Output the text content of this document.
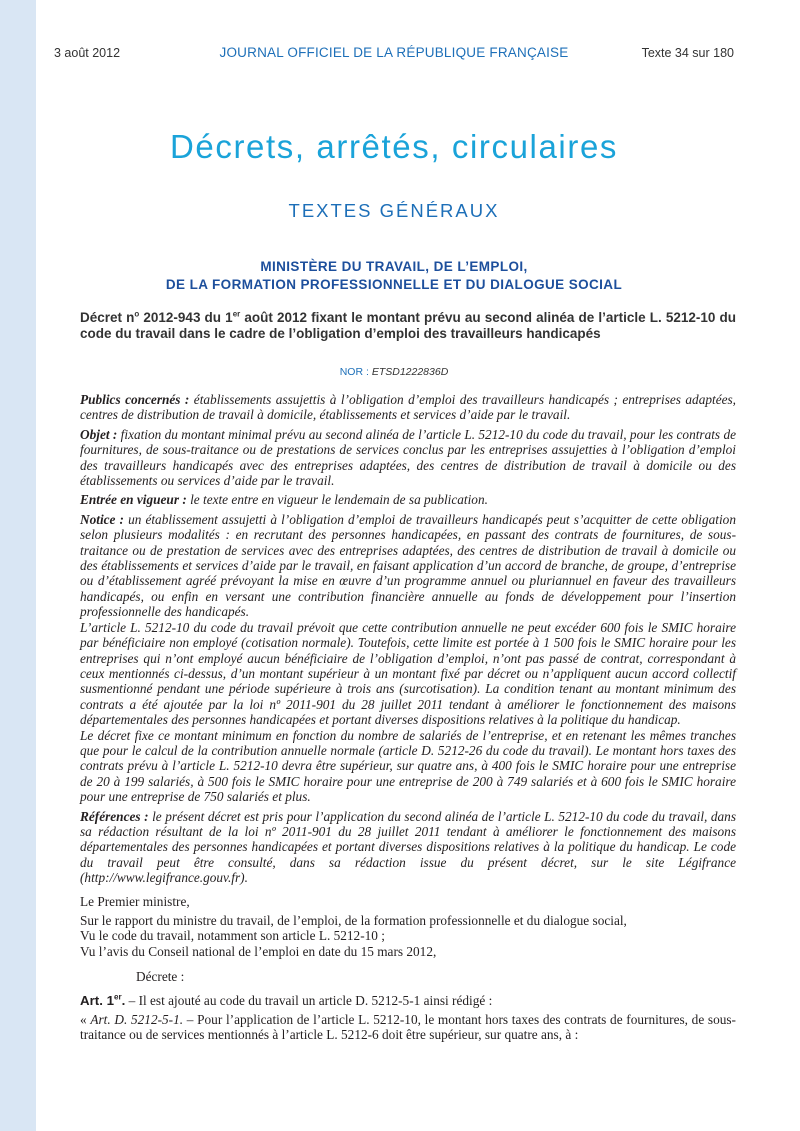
3 août 2012	JOURNAL OFFICIEL DE LA RÉPUBLIQUE FRANÇAISE	Texte 34 sur 180
Décrets, arrêtés, circulaires
TEXTES GÉNÉRAUX
MINISTÈRE DU TRAVAIL, DE L’EMPLOI,
DE LA FORMATION PROFESSIONNELLE ET DU DIALOGUE SOCIAL
Décret $n^o$ 2012-943 du 1er août 2012 fixant le montant prévu au second alinéa de l’article L. 5212-10 du code du travail dans le cadre de l’obligation d’emploi des travailleurs handicapés
NOR : ETSD1222836D

Publics concernés : établissements assujettis à l’obligation d’emploi des travailleurs handicapés ; entreprises adaptées, centres de distribution de travail à domicile, établissements et services d’aide par le travail.

Objet : fixation du montant minimal prévu au second alinéa de l’article L. 5212-10 du code du travail, pour les contrats de fournitures, de sous-traitance ou de prestations de services conclus par les entreprises assujetties à l’obligation d’emploi des travailleurs handicapés avec des entreprises adaptées, des centres de distribution de travail à domicile ou des établissements ou services d’aide par le travail.

Entrée en vigueur : le texte entre en vigueur le lendemain de sa publication.

Notice : un établissement assujetti à l’obligation d’emploi de travailleurs handicapés peut s’acquitter de cette obligation selon plusieurs modalités : en recrutant des personnes handicapées, en passant des contrats de fournitures, de sous-traitance ou de prestation de services avec des entreprises adaptées, des centres de distribution de travail à domicile ou des établissements et services d’aide par le travail, en faisant application d’un accord de branche, de groupe, d’entreprise ou d’établissement agréé prévoyant la mise en œuvre d’un programme annuel ou pluriannuel en faveur des travailleurs handicapés, ou enfin en versant une contribution financière annuelle au fonds de développement pour l’insertion professionnelle des handicapés.

L’article L. 5212-10 du code du travail prévoit que cette contribution annuelle ne peut excéder 600 fois le SMIC horaire par bénéficiaire non employé (cotisation normale). Toutefois, cette limite est portée à 1 500 fois le SMIC horaire pour les entreprises qui n’ont employé aucun bénéficiaire de l’obligation d’emploi, n’ont pas passé de contrat, correspondant à ceux mentionnés ci-dessus, d’un montant supérieur à un montant fixé par décret ou n’appliquent aucun accord collectif susmentionné pendant une période supérieure à trois ans (surcotisation). La condition tenant au montant minimum des contrats a été ajoutée par la loi nº 2011-901 du 28 juillet 2011 tendant à améliorer le fonctionnement des maisons départementales des personnes handicapées et portant diverses dispositions relatives à la politique du handicap.

Le décret fixe ce montant minimum en fonction du nombre de salariés de l’entreprise, et en retenant les mêmes tranches que pour le calcul de la contribution annuelle normale (article D. 5212-26 du code du travail). Le montant hors taxes des contrats prévu à l’article L. 5212-10 devra être supérieur, sur quatre ans, à 400 fois le SMIC horaire pour une entreprise de 20 à 199 salariés, à 500 fois le SMIC horaire pour une entreprise de 200 à 749 salariés et à 600 fois le SMIC horaire pour une entreprise de 750 salariés et plus.

Références : le présent décret est pris pour l’application du second alinéa de l’article L. 5212-10 du code du travail, dans sa rédaction résultant de la loi nº 2011-901 du 28 juillet 2011 tendant à améliorer le fonctionnement des maisons départementales des personnes handicapées et portant diverses dispositions relatives à la politique du handicap. Le code du travail peut être consulté, dans sa rédaction issue du présent décret, sur le site Légifrance (http://www.legifrance.gouv.fr).

Le Premier ministre,

Sur le rapport du ministre du travail, de l’emploi, de la formation professionnelle et du dialogue social,

Vu le code du travail, notamment son article L. 5212-10 ;

Vu l’avis du Conseil national de l’emploi en date du 15 mars 2012,

Décrete :

Art. 1er. – Il est ajouté au code du travail un article D. 5212-5-1 ainsi rédigé :

« Art. D. 5212-5-1. – Pour l’application de l’article L. 5212-10, le montant hors taxes des contrats de fournitures, de sous-traitance ou de services mentionnés à l’article L. 5212-6 doit être supérieur, sur quatre ans, à :
